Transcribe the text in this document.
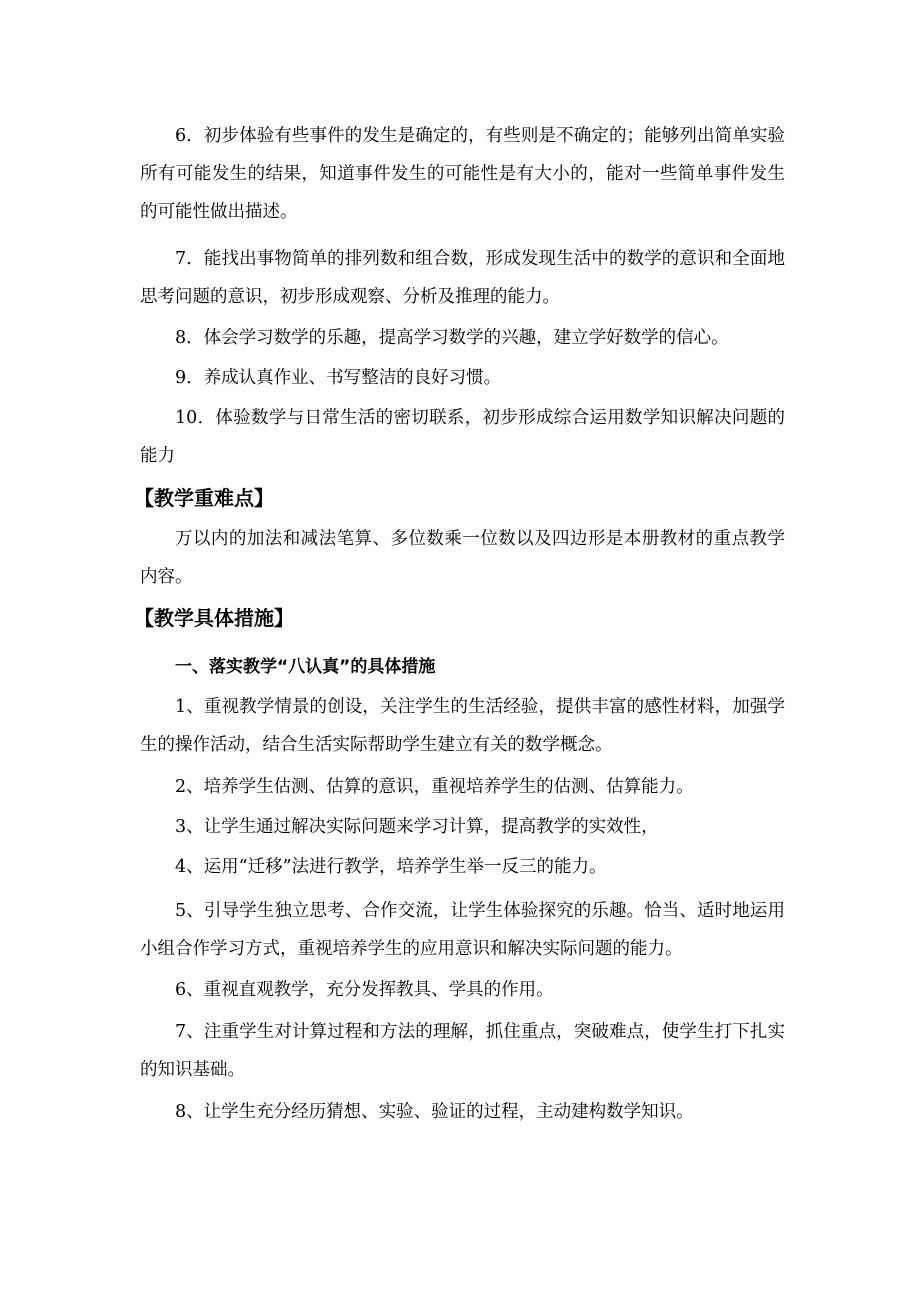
6．初步体验有些事件的发生是确定的，有些则是不确定的；能够列出简单实验所有可能发生的结果，知道事件发生的可能性是有大小的，能对一些简单事件发生的可能性做出描述。

7．能找出事物简单的排列数和组合数，形成发现生活中的数学的意识和全面地思考问题的意识，初步形成观察、分析及推理的能力。

8．体会学习数学的乐趣，提高学习数学的兴趣，建立学好数学的信心。

9．养成认真作业、书写整洁的良好习惯。

10．体验数学与日常生活的密切联系，初步形成综合运用数学知识解决问题的能力

【教学重难点】

万以内的加法和减法笔算、多位数乘一位数以及四边形是本册教材的重点教学内容。

【教学具体措施】
一、落实教学“八认真”的具体措施

1、重视教学情景的创设，关注学生的生活经验，提供丰富的感性材料，加强学生的操作活动，结合生活实际帮助学生建立有关的数学概念。

2、培养学生估测、估算的意识，重视培养学生的估测、估算能力。

3、让学生通过解决实际问题来学习计算，提高教学的实效性，

4、运用“迁移”法进行教学，培养学生举一反三的能力。

5、引导学生独立思考、合作交流，让学生体验探究的乐趣。恰当、适时地运用小组合作学习方式，重视培养学生的应用意识和解决实际问题的能力。

6、重视直观教学，充分发挥教具、学具的作用。

7、注重学生对计算过程和方法的理解，抓住重点，突破难点，使学生打下扎实的知识基础。

8、让学生充分经历猜想、实验、验证的过程，主动建构数学知识。
